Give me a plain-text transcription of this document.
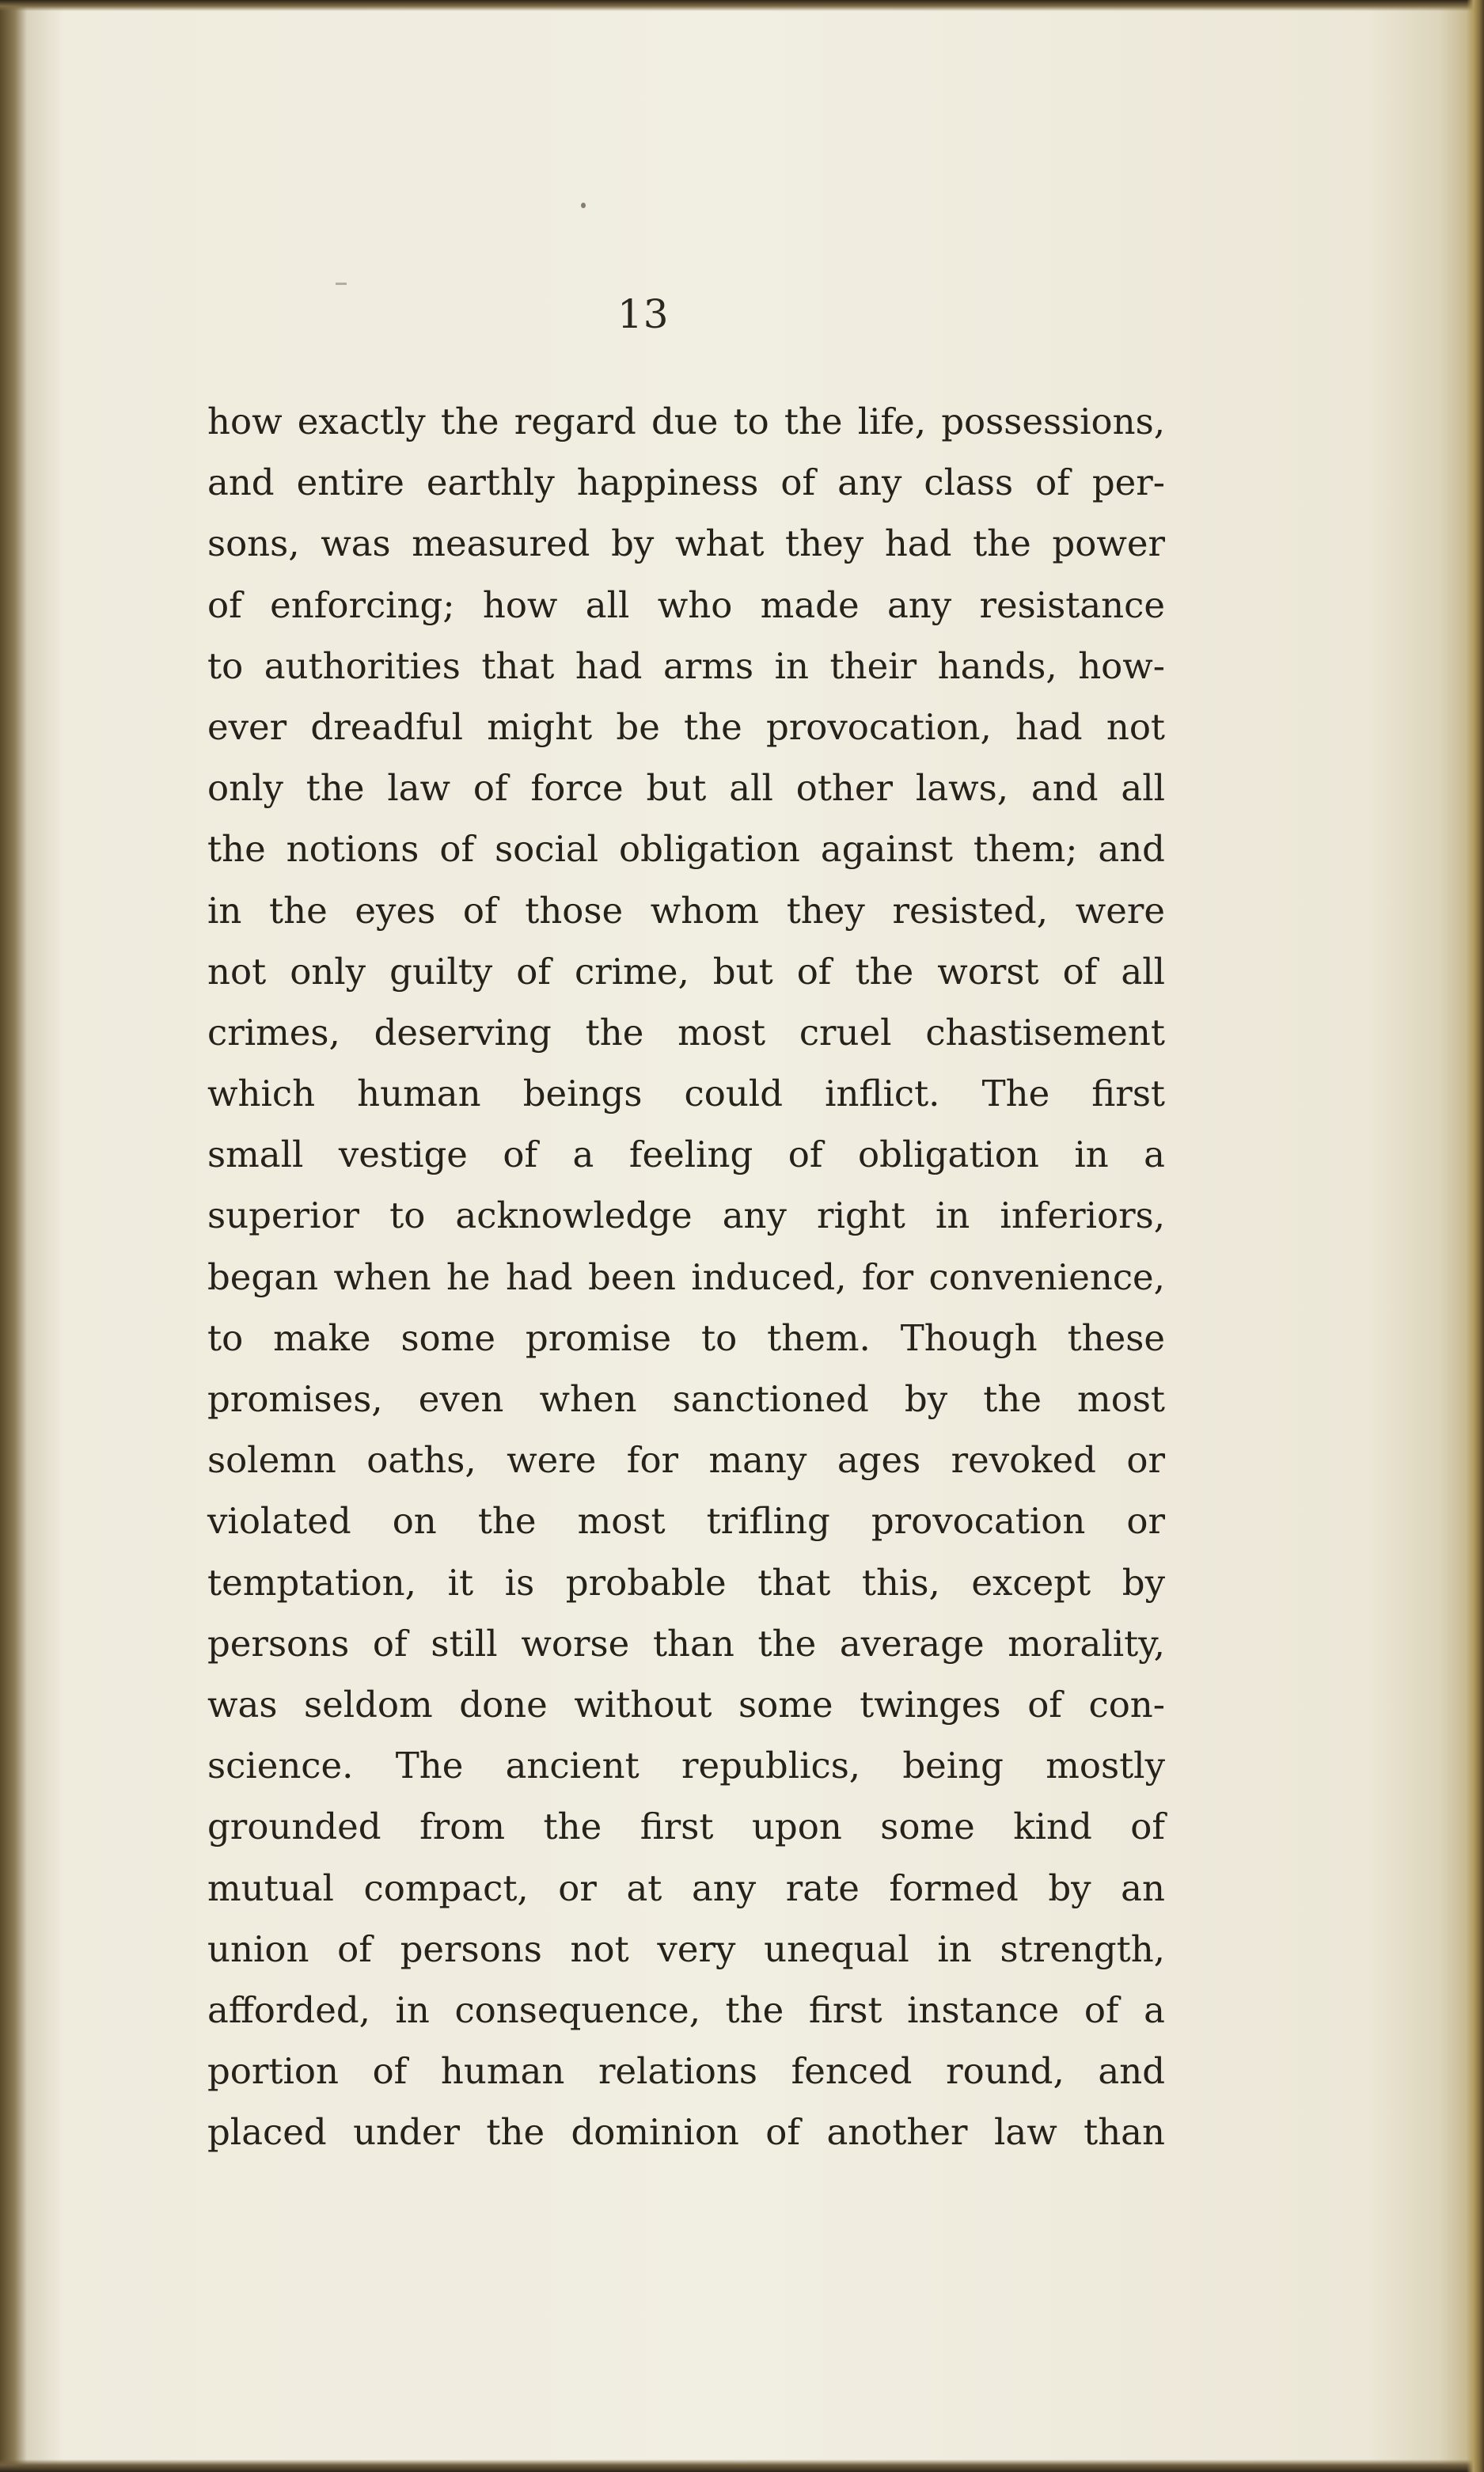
13
how exactly the regard due to the life, possessions,
and entire earthly happiness of any class of per-
sons, was measured by what they had the power
of enforcing; how all who made any resistance
to authorities that had arms in their hands, how-
ever dreadful might be the provocation, had not
only the law of force but all other laws, and all
the notions of social obligation against them; and
in the eyes of those whom they resisted, were
not only guilty of crime, but of the worst of all
crimes, deserving the most cruel chastisement
which human beings could inflict. The first
small vestige of a feeling of obligation in a
superior to acknowledge any right in inferiors,
began when he had been induced, for convenience,
to make some promise to them. Though these
promises, even when sanctioned by the most
solemn oaths, were for many ages revoked or
violated on the most trifling provocation or
temptation, it is probable that this, except by
persons of still worse than the average morality,
was seldom done without some twinges of con-
science. The ancient republics, being mostly
grounded from the first upon some kind of
mutual compact, or at any rate formed by an
union of persons not very unequal in strength,
afforded, in consequence, the first instance of a
portion of human relations fenced round, and
placed under the dominion of another law than
